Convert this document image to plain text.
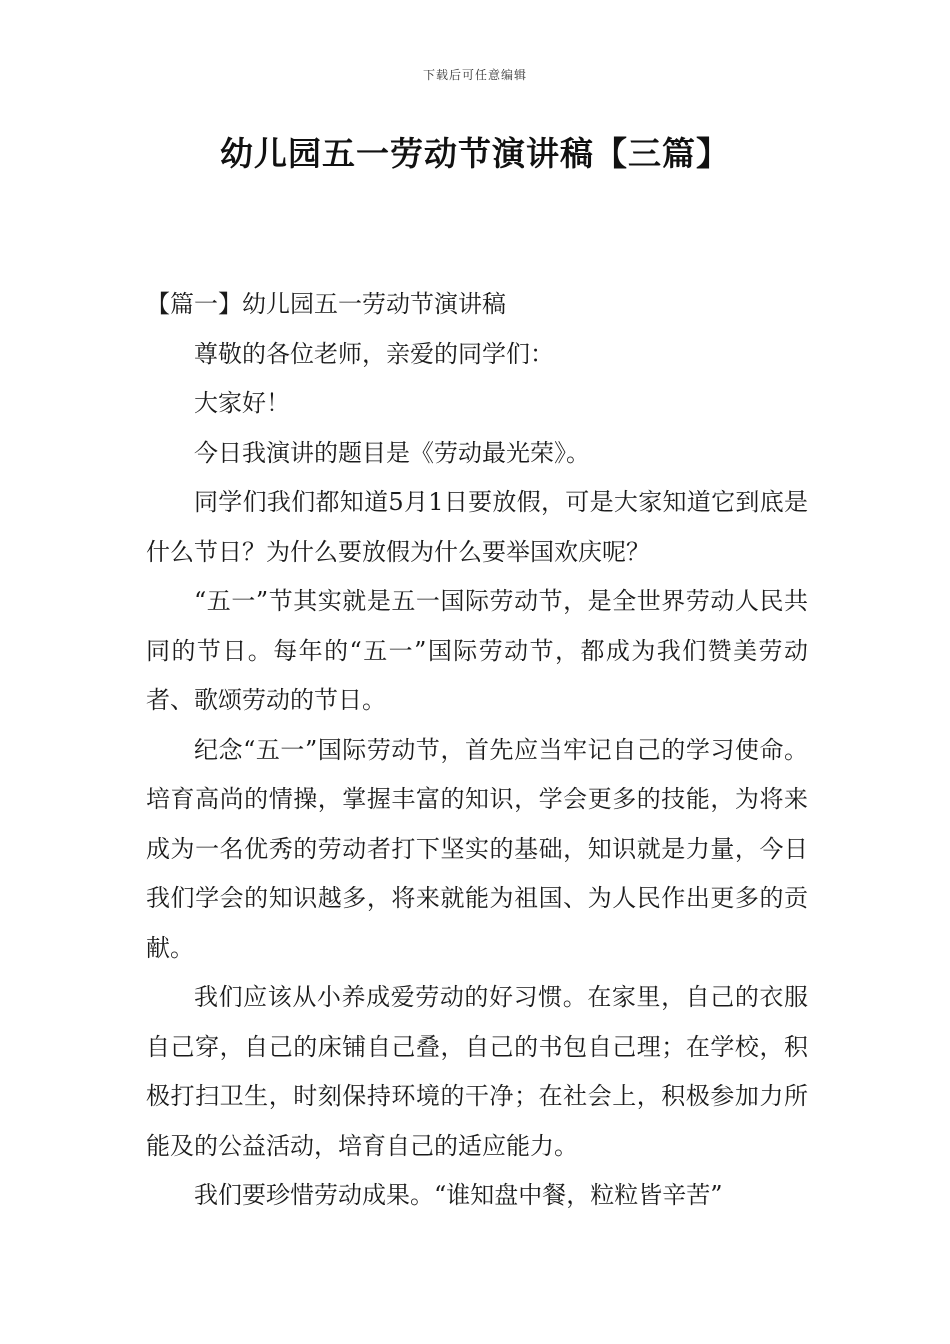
下载后可任意编辑
幼儿园五一劳动节演讲稿【三篇】

【篇一】幼儿园五一劳动节演讲稿

尊敬的各位老师，亲爱的同学们：

大家好！

今日我演讲的题目是《劳动最光荣》。

同学们我们都知道5月1日要放假，可是大家知道它到底是什么节日？为什么要放假为什么要举国欢庆呢？

“五一”节其实就是五一国际劳动节，是全世界劳动人民共同的节日。每年的“五一”国际劳动节，都成为我们赞美劳动者、歌颂劳动的节日。

纪念“五一”国际劳动节，首先应当牢记自己的学习使命。培育高尚的情操，掌握丰富的知识，学会更多的技能，为将来成为一名优秀的劳动者打下坚实的基础，知识就是力量，今日我们学会的知识越多，将来就能为祖国、为人民作出更多的贡献。

我们应该从小养成爱劳动的好习惯。在家里，自己的衣服自己穿，自己的床铺自己叠，自己的书包自己理；在学校，积极打扫卫生，时刻保持环境的干净；在社会上，积极参加力所能及的公益活动，培育自己的适应能力。

我们要珍惜劳动成果。“谁知盘中餐，粒粒皆辛苦”
